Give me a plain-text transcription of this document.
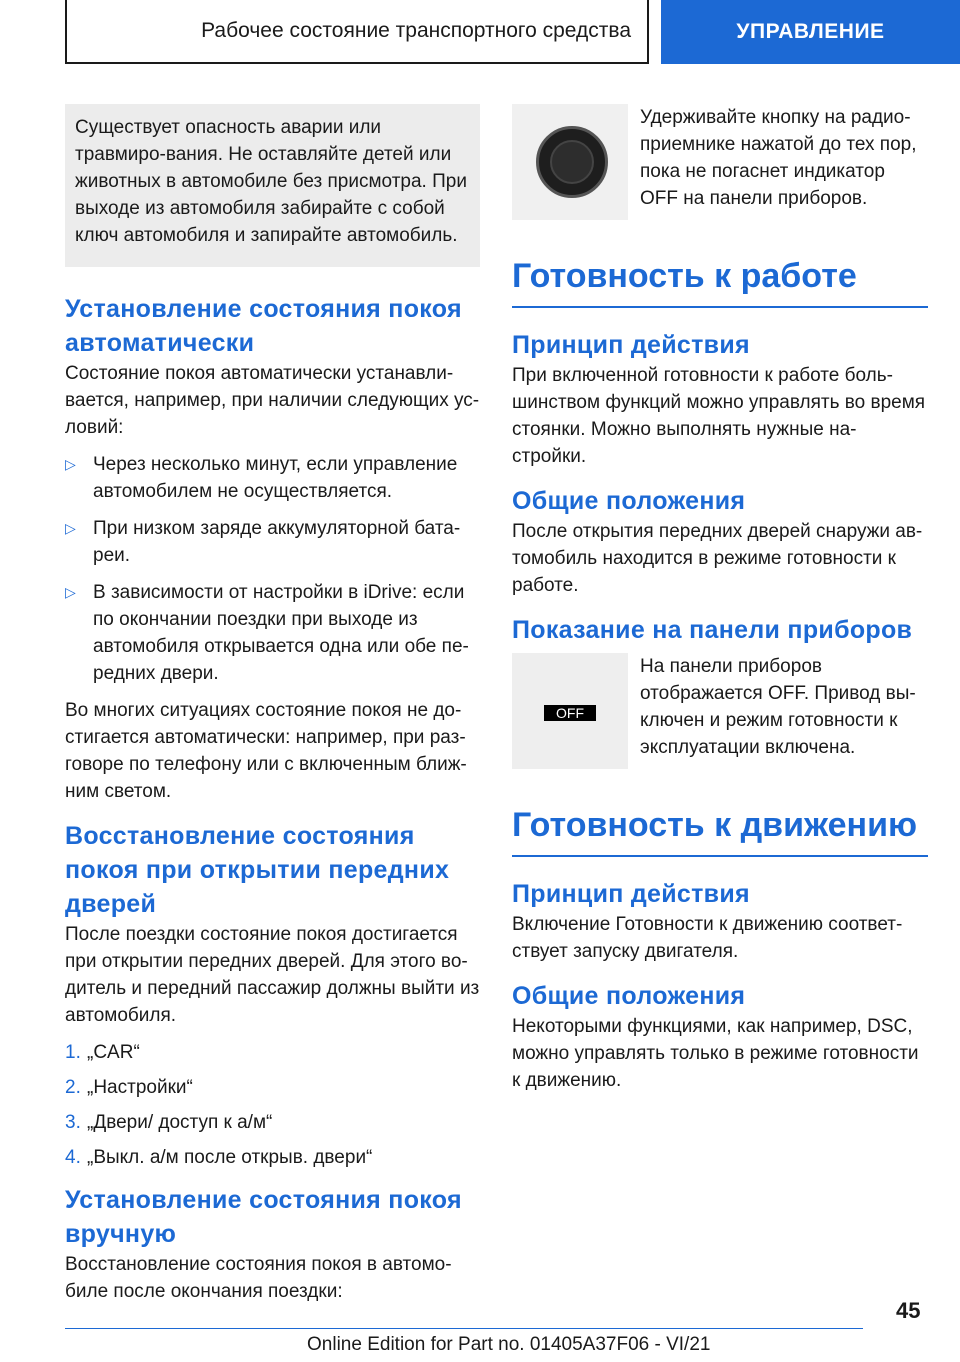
Рабочее состояние транспортного средства	УПРАВЛЕНИЕ
Существует опасность аварии или травмиро-вания. Не оставляйте детей или животных в автомобиле без присмотра. При выходе из автомобиля забирайте с собой ключ автомобиля и запирайте автомобиль.
Установление состояния покоя автоматически

Состояние покоя автоматически устанавли-вается, например, при наличии следующих ус-ловий:

▷ Через несколько минут, если управление автомобилем не осуществляется.
▷ При низком заряде аккумуляторной бата-реи.
▷ В зависимости от настройки в iDrive: если по окончании поездки при выходе из автомобиля открывается одна или обе пе-редних двери.

Во многих ситуациях состояние покоя не до-стигается автоматически: например, при раз-говоре по телефону или с включенным ближ-ним светом.

Восстановление состояния покоя при открытии передних дверей

После поездки состояние покоя достигается при открытии передних дверей. Для этого во-дитель и передний пассажир должны выйти из автомобиля.

1. „CAR“
2. „Настройки“
3. „Двери/ доступ к а/м“
4. „Выкл. а/м после открыв. двери“
Установление состояния покоя вручную

Восстановление состояния покоя в автомо-биле после окончания поездки:

Удерживайте кнопку на радио-приемнике нажатой до тех пор, пока не погаснет индикатор OFF на панели приборов.

Готовность к работе
Принцип действия

При включенной готовности к работе боль-шинством функций можно управлять во время стоянки. Можно выполнять нужные на-стройки.

Общие положения

После открытия передних дверей снаружи ав-томобиль находится в режиме готовности к работе.

Показание на панели приборов
OFF

На панели приборов отображается OFF. Привод вы-ключен и режим готовности к эксплуатации включена.

Готовность к движению
Принцип действия

Включение Готовности к движению соответ-ствует запуску двигателя.

Общие положения

Некоторыми функциями, как например, DSC, можно управлять только в режиме готовности к движению.

45
Online Edition for Part no. 01405A37F06 - VI/21
